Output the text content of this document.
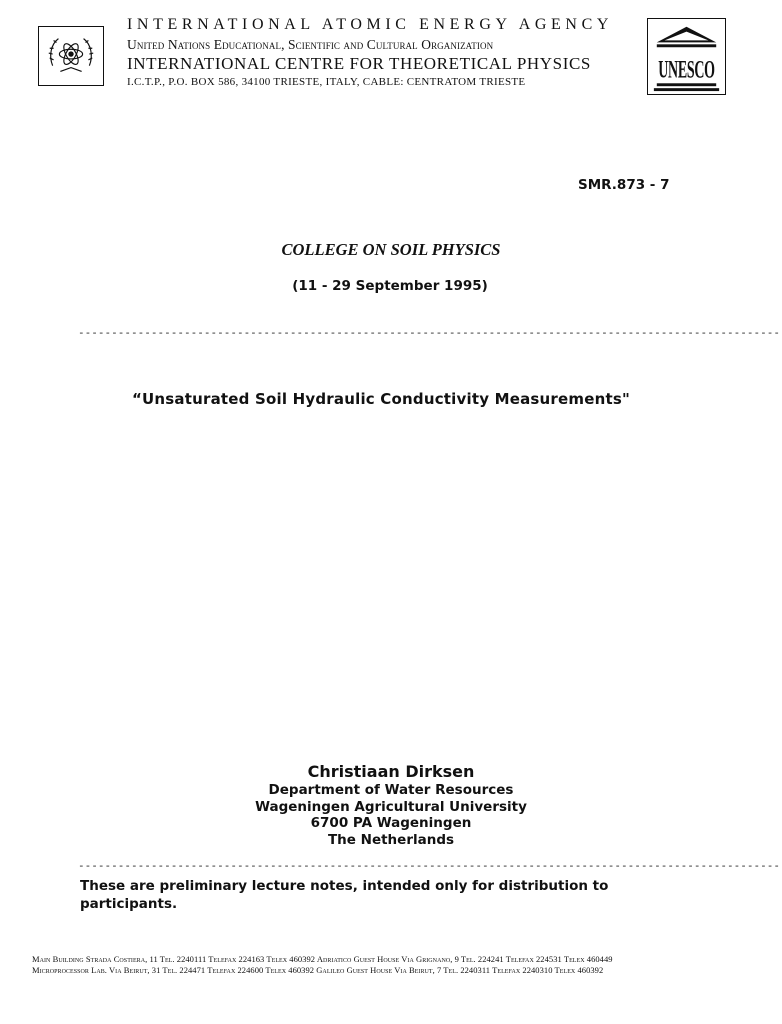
UNESCO
INTERNATIONAL ATOMIC ENERGY AGENCY
United Nations Educational, Scientific and Cultural Organization
INTERNATIONAL CENTRE FOR THEORETICAL PHYSICS
I.C.T.P., P.O. BOX 586, 34100 TRIESTE, ITALY, CABLE: CENTRATOM TRIESTE
SMR.873 - 7
COLLEGE ON SOIL PHYSICS
(11 - 29 September 1995)
----------------------------------------------------------------------------------------------------------
“Unsaturated Soil Hydraulic Conductivity Measurements"
Christiaan Dirksen
Department of Water Resources
Wageningen Agricultural University
6700 PA Wageningen
The Netherlands
----------------------------------------------------------------------------------------------------------
These are preliminary lecture notes, intended only for distribution to participants.
Main Building Strada Costiera, 11 Tel. 2240111 Telefax 224163 Telex 460392 Adriatico Guest House Via Grignano, 9 Tel. 224241 Telefax 224531 Telex 460449
Microprocessor Lab. Via Beirut, 31 Tel. 224471 Telefax 224600 Telex 460392 Galileo Guest House Via Beirut, 7 Tel. 2240311 Telefax 2240310 Telex 460392
